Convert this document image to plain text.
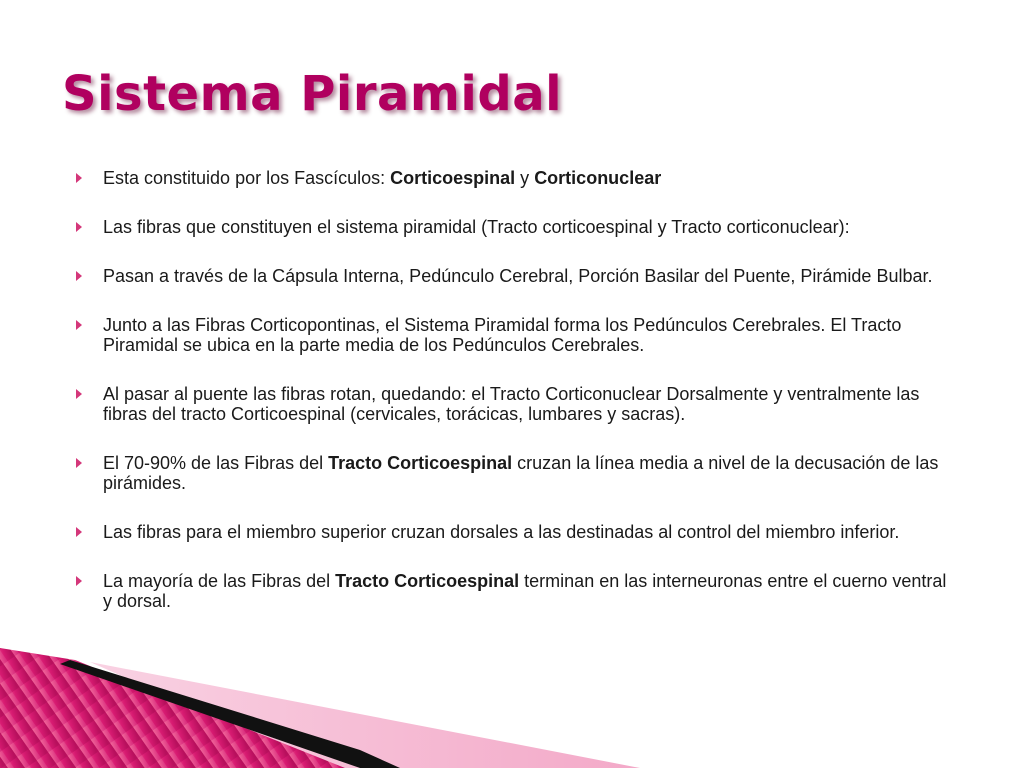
Sistema Piramidal
Esta constituido por los Fascículos: Corticoespinal y Corticonuclear
Las fibras que constituyen el sistema piramidal (Tracto corticoespinal y Tracto corticonuclear):
Pasan a través de la Cápsula Interna, Pedúnculo Cerebral, Porción Basilar del Puente, Pirámide Bulbar.
Junto a las Fibras Corticopontinas, el Sistema Piramidal forma los Pedúnculos Cerebrales. El Tracto Piramidal se ubica en la parte media de los Pedúnculos Cerebrales.
Al pasar al puente las fibras rotan, quedando: el Tracto Corticonuclear Dorsalmente y ventralmente las fibras del tracto Corticoespinal (cervicales, torácicas, lumbares y sacras).
El 70-90% de las Fibras del Tracto Corticoespinal cruzan la línea media a nivel de la decusación de las pirámides.
Las fibras para el miembro superior cruzan dorsales a las destinadas al control del miembro inferior.
La mayoría de las Fibras del Tracto Corticoespinal terminan en las interneuronas entre el cuerno ventral y dorsal.
